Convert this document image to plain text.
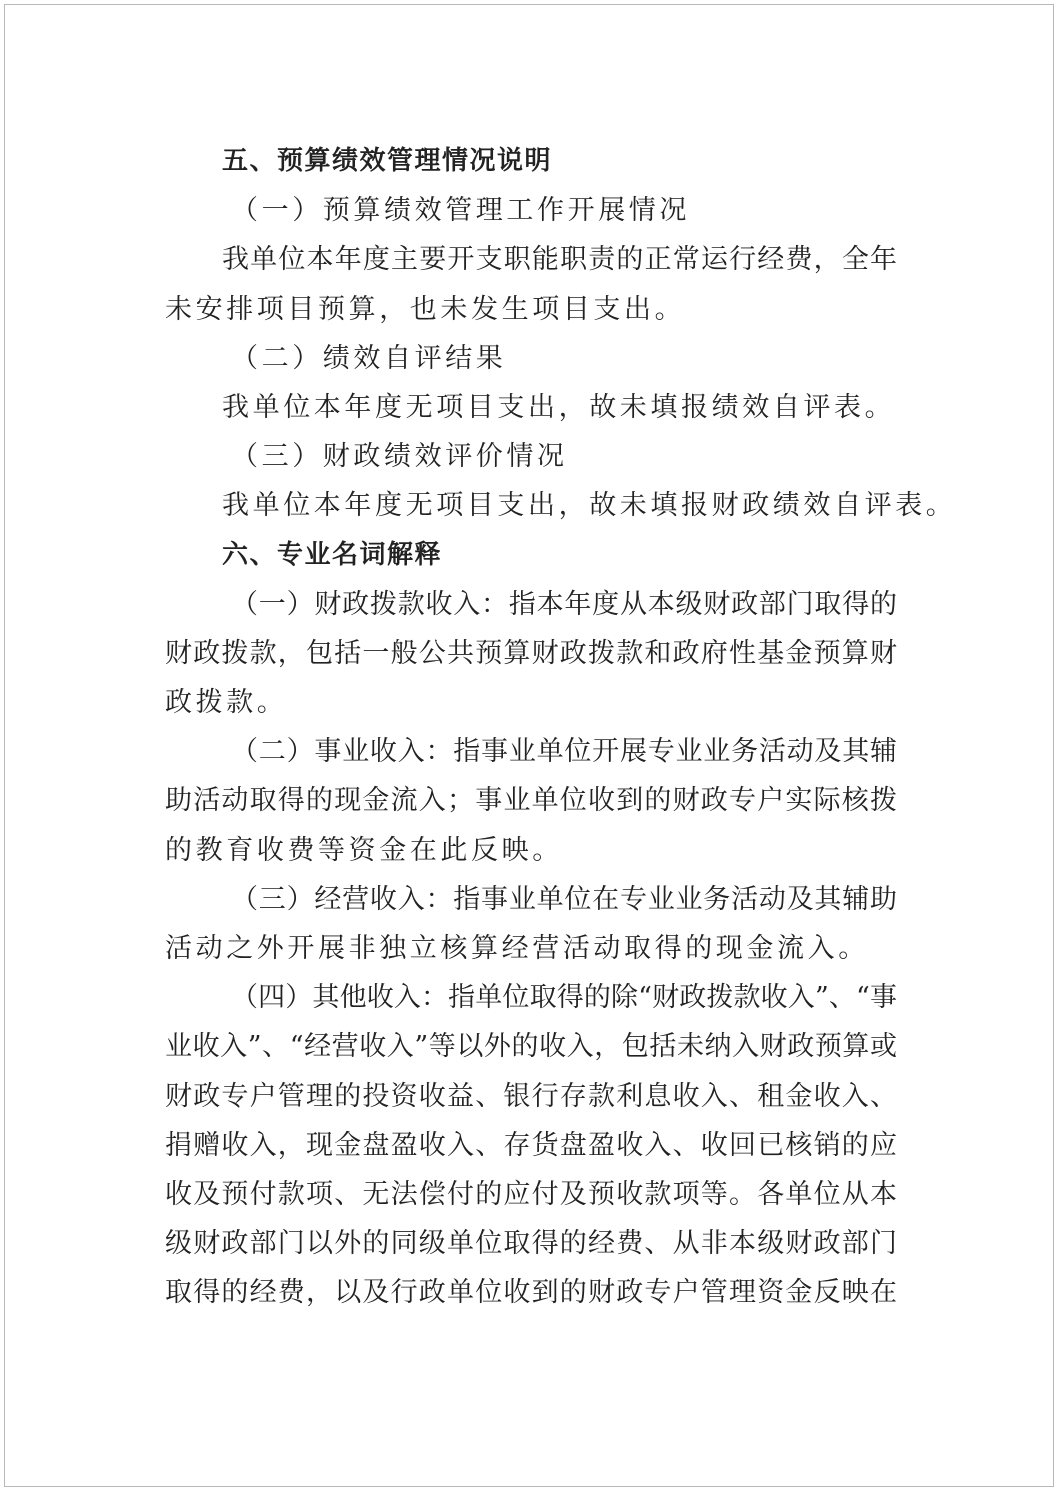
五、预算绩效管理情况说明
（一）预算绩效管理工作开展情况
我单位本年度主要开支职能职责的正常运行经费，全年
未安排项目预算，也未发生项目支出。
（二）绩效自评结果
我单位本年度无项目支出，故未填报绩效自评表。
（三）财政绩效评价情况
我单位本年度无项目支出，故未填报财政绩效自评表。
六、专业名词解释
（一）财政拨款收入：指本年度从本级财政部门取得的
财政拨款，包括一般公共预算财政拨款和政府性基金预算财
政拨款。
（二）事业收入：指事业单位开展专业业务活动及其辅
助活动取得的现金流入；事业单位收到的财政专户实际核拨
的教育收费等资金在此反映。
（三）经营收入：指事业单位在专业业务活动及其辅助
活动之外开展非独立核算经营活动取得的现金流入。
（四）其他收入：指单位取得的除“财政拨款收入”、“事
业收入”、“经营收入”等以外的收入，包括未纳入财政预算或
财政专户管理的投资收益、银行存款利息收入、租金收入、
捐赠收入，现金盘盈收入、存货盘盈收入、收回已核销的应
收及预付款项、无法偿付的应付及预收款项等。各单位从本
级财政部门以外的同级单位取得的经费、从非本级财政部门
取得的经费，以及行政单位收到的财政专户管理资金反映在
